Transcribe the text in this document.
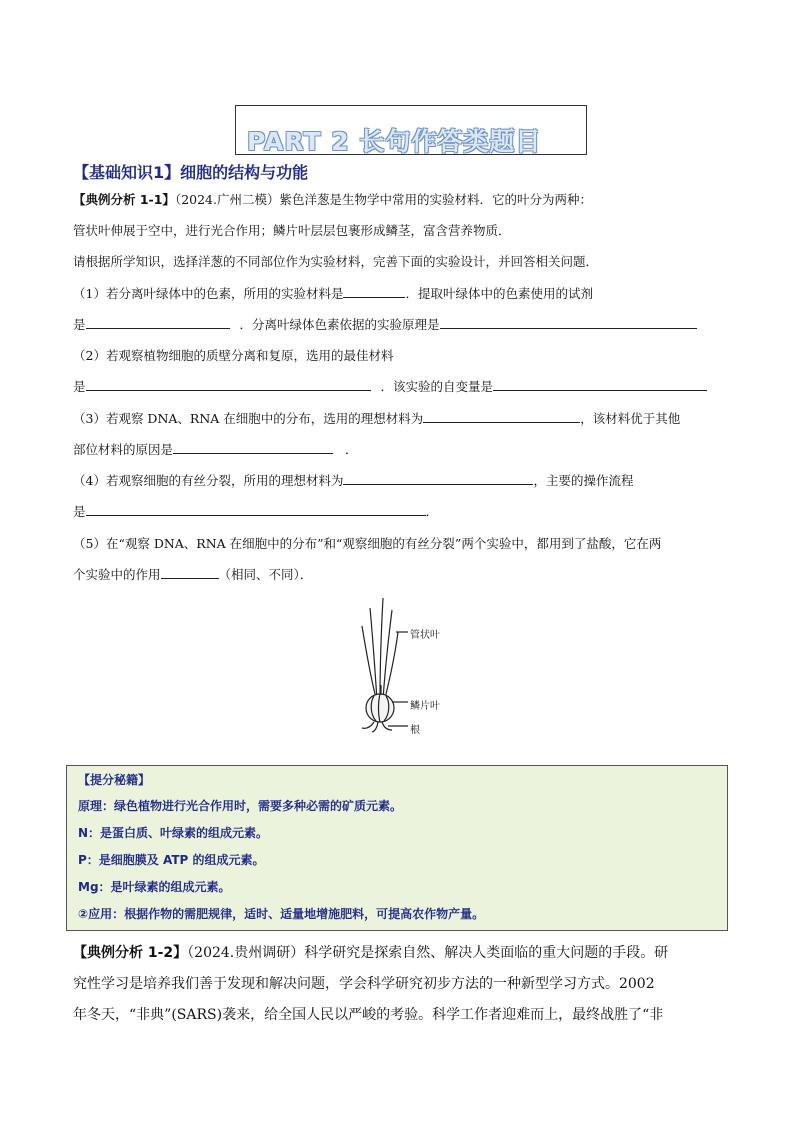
PART 2 长句作答类题目
【基础知识1】细胞的结构与功能
【典例分析 1-1】（2024.广州二模）紫色洋葱是生物学中常用的实验材料．它的叶分为两种：
管状叶伸展于空中，进行光合作用；鳞片叶层层包裹形成鳞茎，富含营养物质．
请根据所学知识，选择洋葱的不同部位作为实验材料，完善下面的实验设计，并回答相关问题．
（1）若分离叶绿体中的色素，所用的实验材料是	．提取叶绿体中的色素使用的试剂
是	．分离叶绿体色素依据的实验原理是
（2）若观察植物细胞的质壁分离和复原，选用的最佳材料
是	．该实验的自变量是
（3）若观察 DNA、RNA 在细胞中的分布，选用的理想材料为	，该材料优于其他
部位材料的原因是	．
（4）若观察细胞的有丝分裂，所用的理想材料为	，主要的操作流程
是	．
（5）在“观察 DNA、RNA 在细胞中的分布”和“观察细胞的有丝分裂”两个实验中，都用到了盐酸，它在两
个实验中的作用	（相同、不同）．
管状叶
鳞片叶
根
【提分秘籍】
原理：绿色植物进行光合作用时，需要多种必需的矿质元素。
N：是蛋白质、叶绿素的组成元素。
P：是细胞膜及 ATP 的组成元素。
Mg：是叶绿素的组成元素。
②应用：根据作物的需肥规律，适时、适量地增施肥料，可提高农作物产量。
【典例分析 1-2】（2024.贵州调研）科学研究是探索自然、解决人类面临的重大问题的手段。研
究性学习是培养我们善于发现和解决问题，学会科学研究初步方法的一种新型学习方式。2002
年冬天，“非典”(SARS)袭来，给全国人民以严峻的考验。科学工作者迎难而上，最终战胜了“非
